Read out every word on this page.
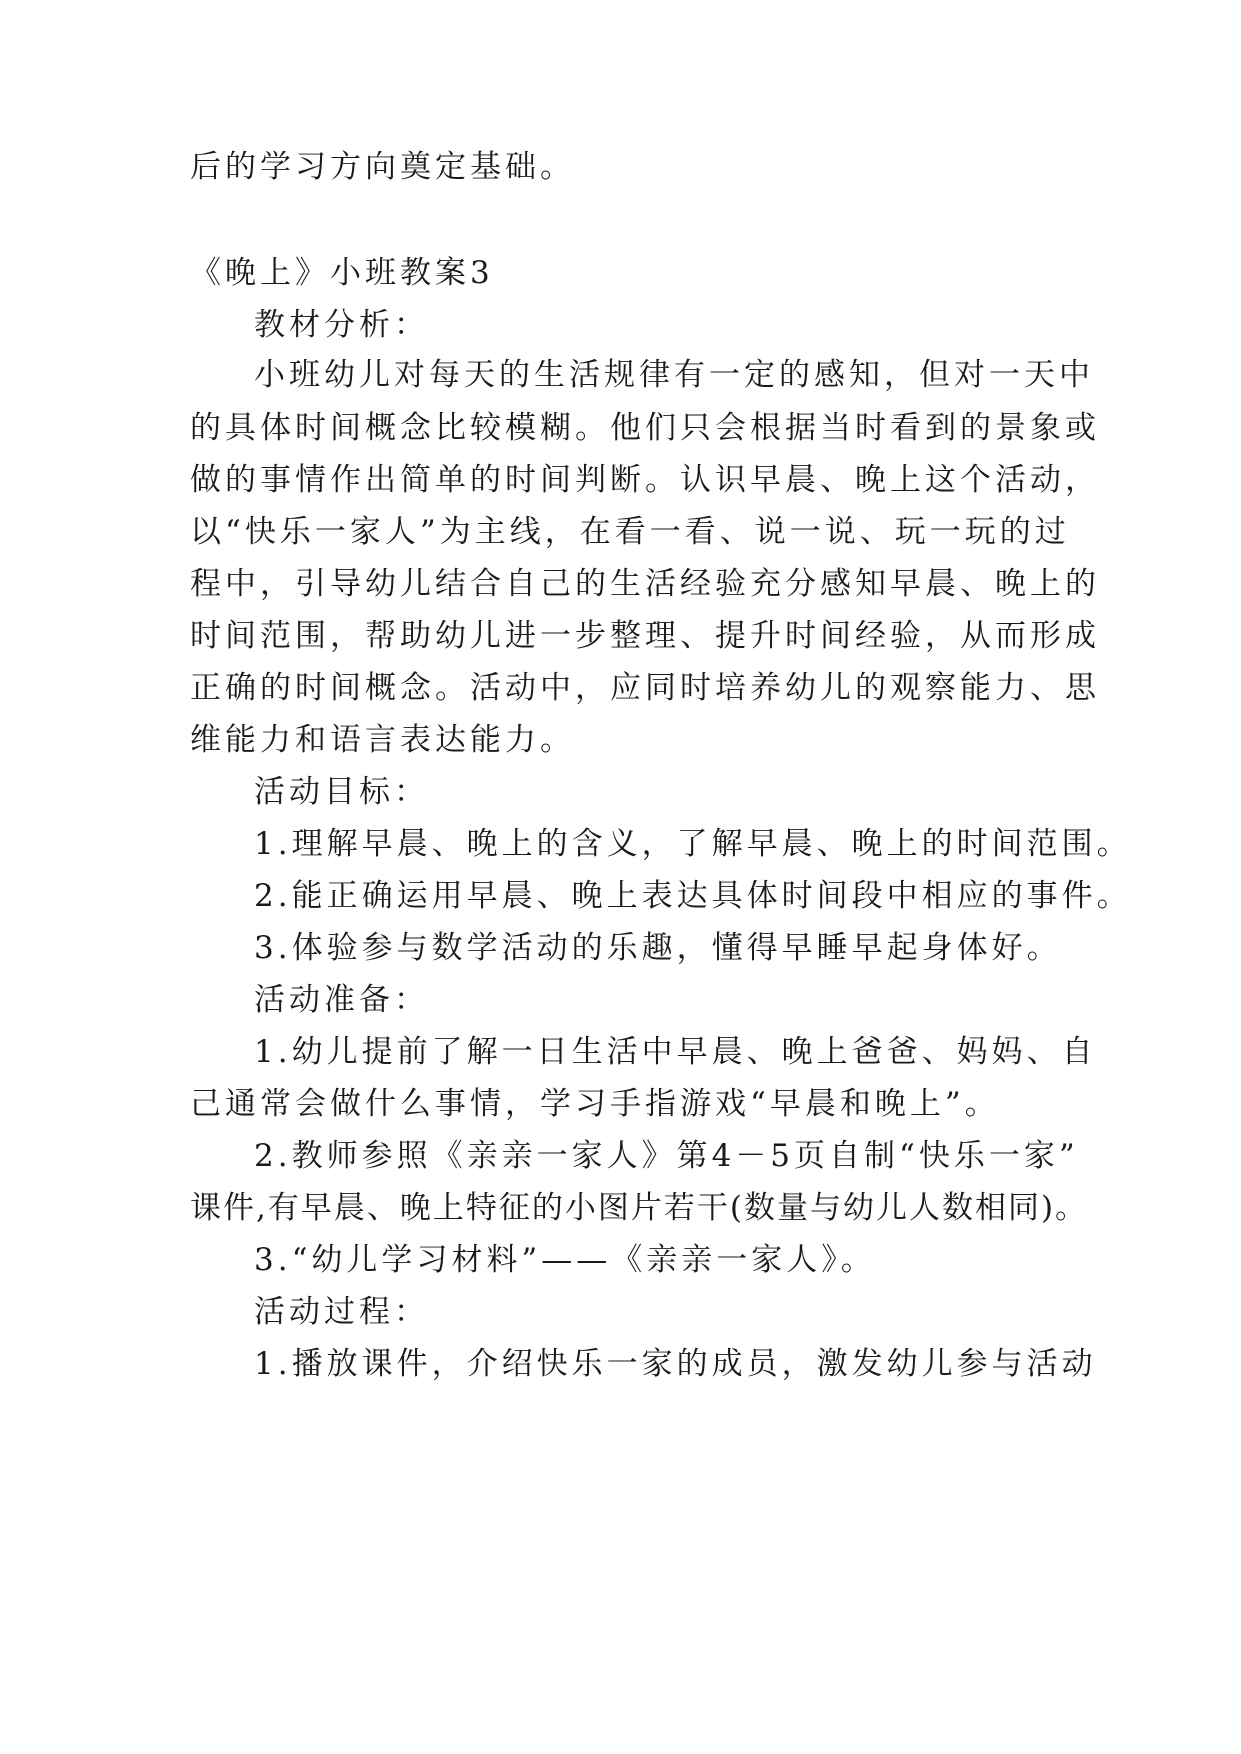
后的学习方向奠定基础。
《晚上》小班教案3
教材分析：
小班幼儿对每天的生活规律有一定的感知，但对一天中
的具体时间概念比较模糊。他们只会根据当时看到的景象或
做的事情作出简单的时间判断。认识早晨、晚上这个活动，
以“快乐一家人”为主线，在看一看、说一说、玩一玩的过
程中，引导幼儿结合自己的生活经验充分感知早晨、晚上的
时间范围，帮助幼儿进一步整理、提升时间经验，从而形成
正确的时间概念。活动中，应同时培养幼儿的观察能力、思
维能力和语言表达能力。
活动目标：
1.理解早晨、晚上的含义，了解早晨、晚上的时间范围。
2.能正确运用早晨、晚上表达具体时间段中相应的事件。
3.体验参与数学活动的乐趣，懂得早睡早起身体好。
活动准备：
1.幼儿提前了解一日生活中早晨、晚上爸爸、妈妈、自
己通常会做什么事情，学习手指游戏“早晨和晚上”。
2.教师参照《亲亲一家人》第4－5页自制“快乐一家”
课件,有早晨、晚上特征的小图片若干(数量与幼儿人数相同)。
3.“幼儿学习材料”——《亲亲一家人》。
活动过程：
1.播放课件，介绍快乐一家的成员，激发幼儿参与活动
